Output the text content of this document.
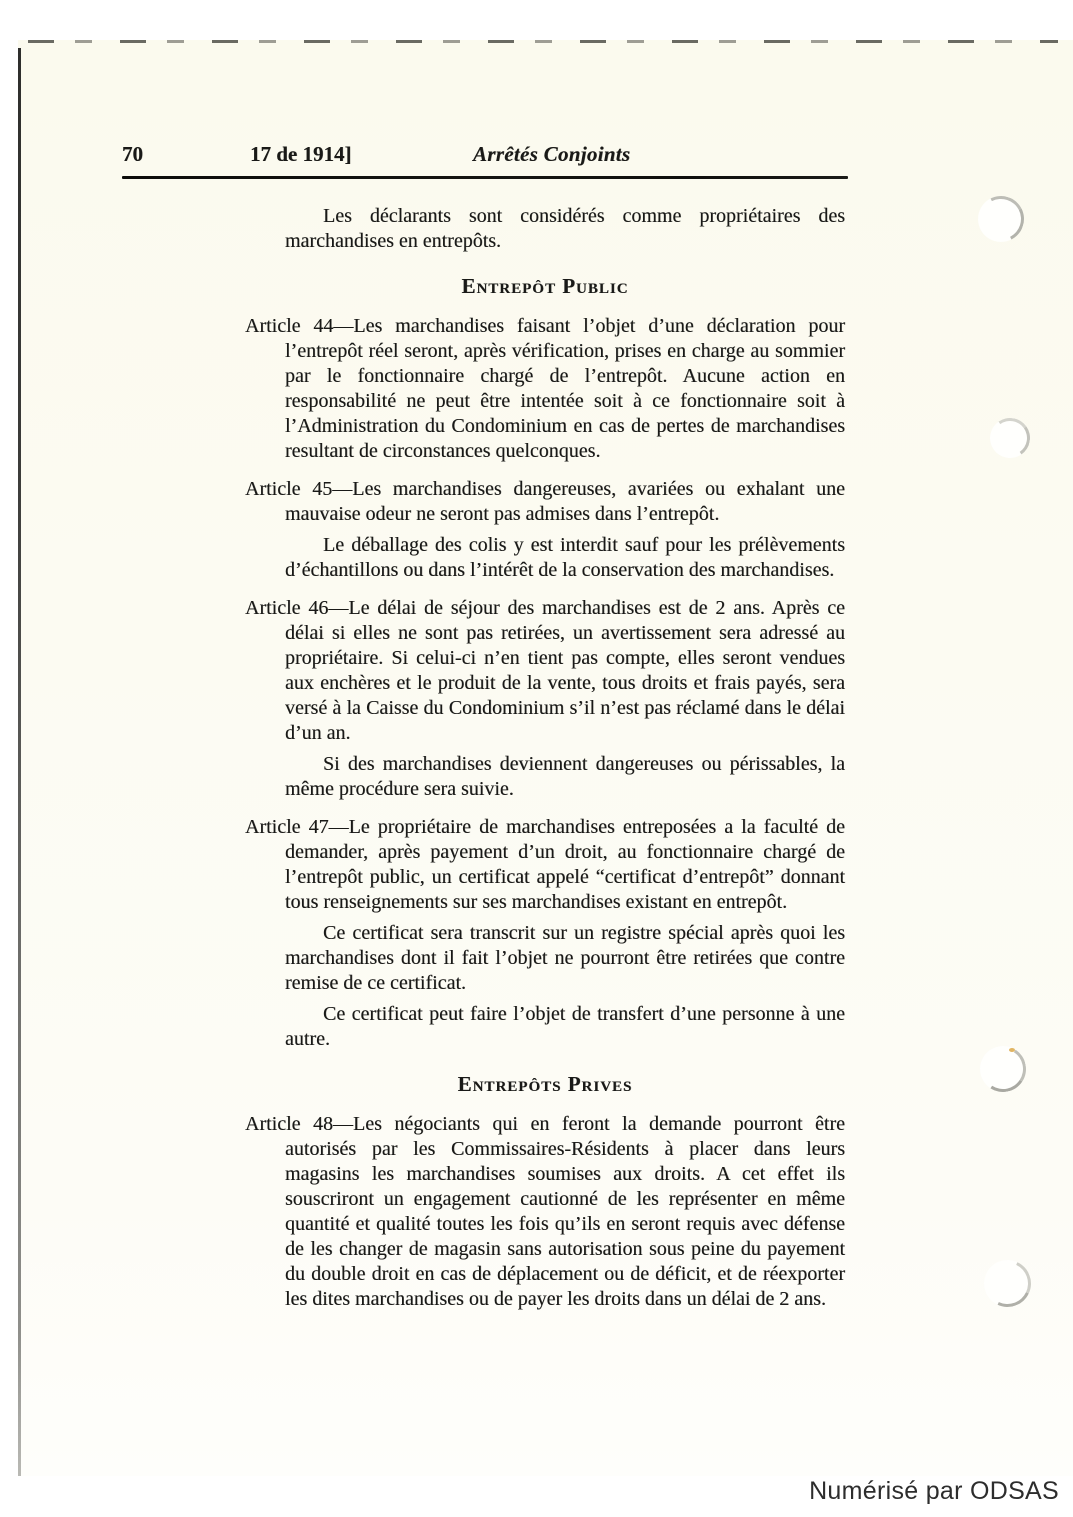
70	17 de 1914]	Arrêtés Conjoints

Les déclarants sont considérés comme propriétaires des marchandises en entrepôts.

Entrepôt Public

Article 44—Les marchandises faisant l’objet d’une déclaration pour l’entrepôt réel seront, après vérification, prises en charge au sommier par le fonctionnaire chargé de l’entrepôt. Aucune action en responsabilité ne peut être intentée soit à ce fonctionnaire soit à l’Administration du Condominium en cas de pertes de marchandises resultant de circonstances quelconques.

Article 45—Les marchandises dangereuses, avariées ou exhalant une mauvaise odeur ne seront pas admises dans l’entrepôt.

Le déballage des colis y est interdit sauf pour les prélèvements d’échantillons ou dans l’intérêt de la conservation des marchandises.

Article 46—Le délai de séjour des marchandises est de 2 ans. Après ce délai si elles ne sont pas retirées, un avertissement sera adressé au propriétaire. Si celui-ci n’en tient pas compte, elles seront vendues aux enchères et le produit de la vente, tous droits et frais payés, sera versé à la Caisse du Condominium s’il n’est pas réclamé dans le délai d’un an.

Si des marchandises deviennent dangereuses ou périssables, la même procédure sera suivie.

Article 47—Le propriétaire de marchandises entreposées a la faculté de demander, après payement d’un droit, au fonctionnaire chargé de l’entrepôt public, un certificat appelé “certificat d’entrepôt” donnant tous renseignements sur ses marchandises existant en entrepôt.

Ce certificat sera transcrit sur un registre spécial après quoi les marchandises dont il fait l’objet ne pourront être retirées que contre remise de ce certificat.

Ce certificat peut faire l’objet de transfert d’une personne à une autre.

Entrepôts Prives

Article 48—Les négociants qui en feront la demande pourront être autorisés par les Commissaires-Résidents à placer dans leurs magasins les marchandises soumises aux droits. A cet effet ils souscriront un engagement cautionné de les représenter en même quantité et qualité toutes les fois qu’ils en seront requis avec défense de les changer de magasin sans autorisation sous peine du payement du double droit en cas de déplacement ou de déficit, et de réexporter les dites marchandises ou de payer les droits dans un délai de 2 ans.

Numérisé par ODSAS
